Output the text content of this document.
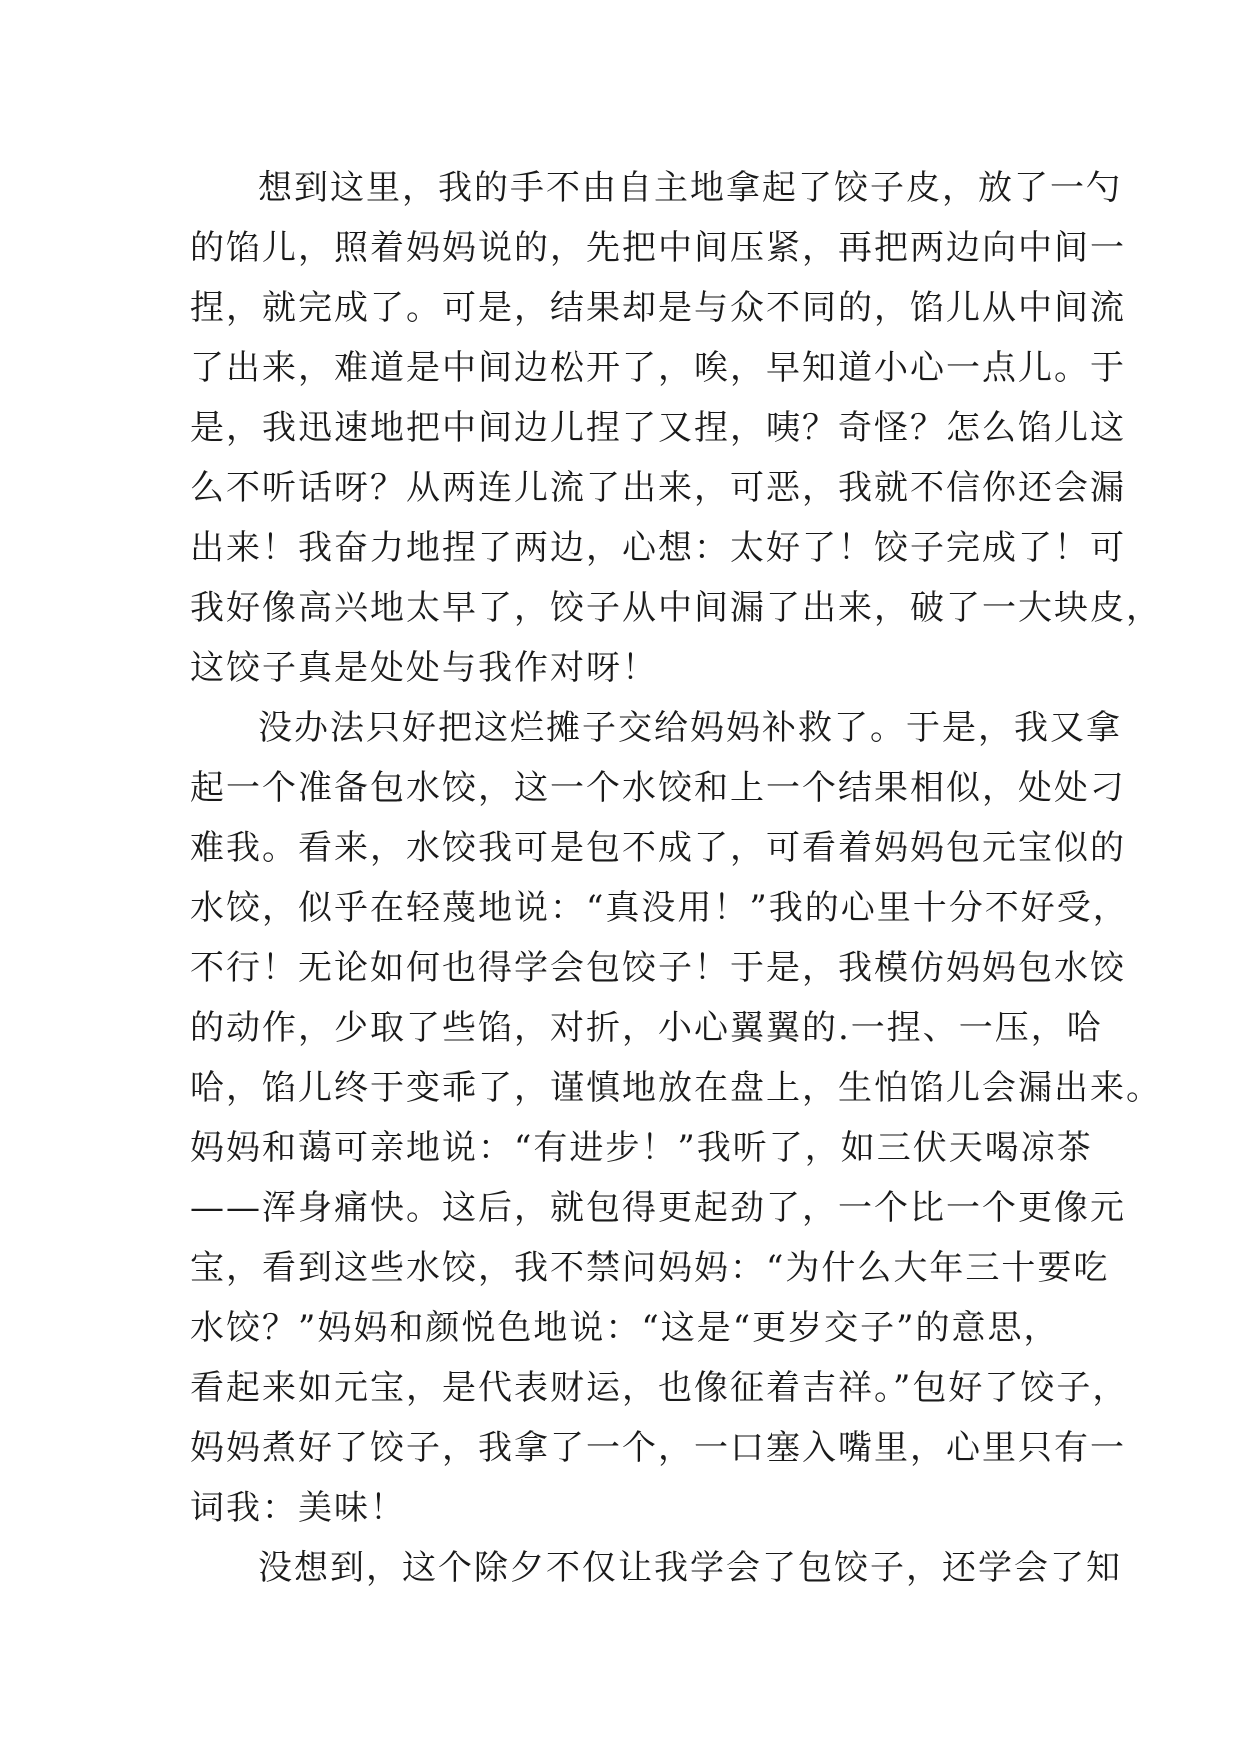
想到这里，我的手不由自主地拿起了饺子皮，放了一勺
的馅儿，照着妈妈说的，先把中间压紧，再把两边向中间一
捏，就完成了。可是，结果却是与众不同的，馅儿从中间流
了出来，难道是中间边松开了，唉，早知道小心一点儿。于
是，我迅速地把中间边儿捏了又捏，咦？奇怪？怎么馅儿这
么不听话呀？从两连儿流了出来，可恶，我就不信你还会漏
出来！我奋力地捏了两边，心想：太好了！饺子完成了！可
我好像高兴地太早了，饺子从中间漏了出来，破了一大块皮，
这饺子真是处处与我作对呀！
没办法只好把这烂摊子交给妈妈补救了。于是，我又拿
起一个准备包水饺，这一个水饺和上一个结果相似，处处刁
难我。看来，水饺我可是包不成了，可看着妈妈包元宝似的
水饺，似乎在轻蔑地说：“真没用！”我的心里十分不好受，
不行！无论如何也得学会包饺子！于是，我模仿妈妈包水饺
的动作，少取了些馅，对折，小心翼翼的.一捏、一压，哈
哈，馅儿终于变乖了，谨慎地放在盘上，生怕馅儿会漏出来。
妈妈和蔼可亲地说：“有进步！”我听了，如三伏天喝凉茶
——浑身痛快。这后，就包得更起劲了，一个比一个更像元
宝，看到这些水饺，我不禁问妈妈：“为什么大年三十要吃
水饺？”妈妈和颜悦色地说：“这是“更岁交子”的意思，
看起来如元宝，是代表财运，也像征着吉祥。”包好了饺子，
妈妈煮好了饺子，我拿了一个，一口塞入嘴里，心里只有一
词我：美味！
没想到，这个除夕不仅让我学会了包饺子，还学会了知
